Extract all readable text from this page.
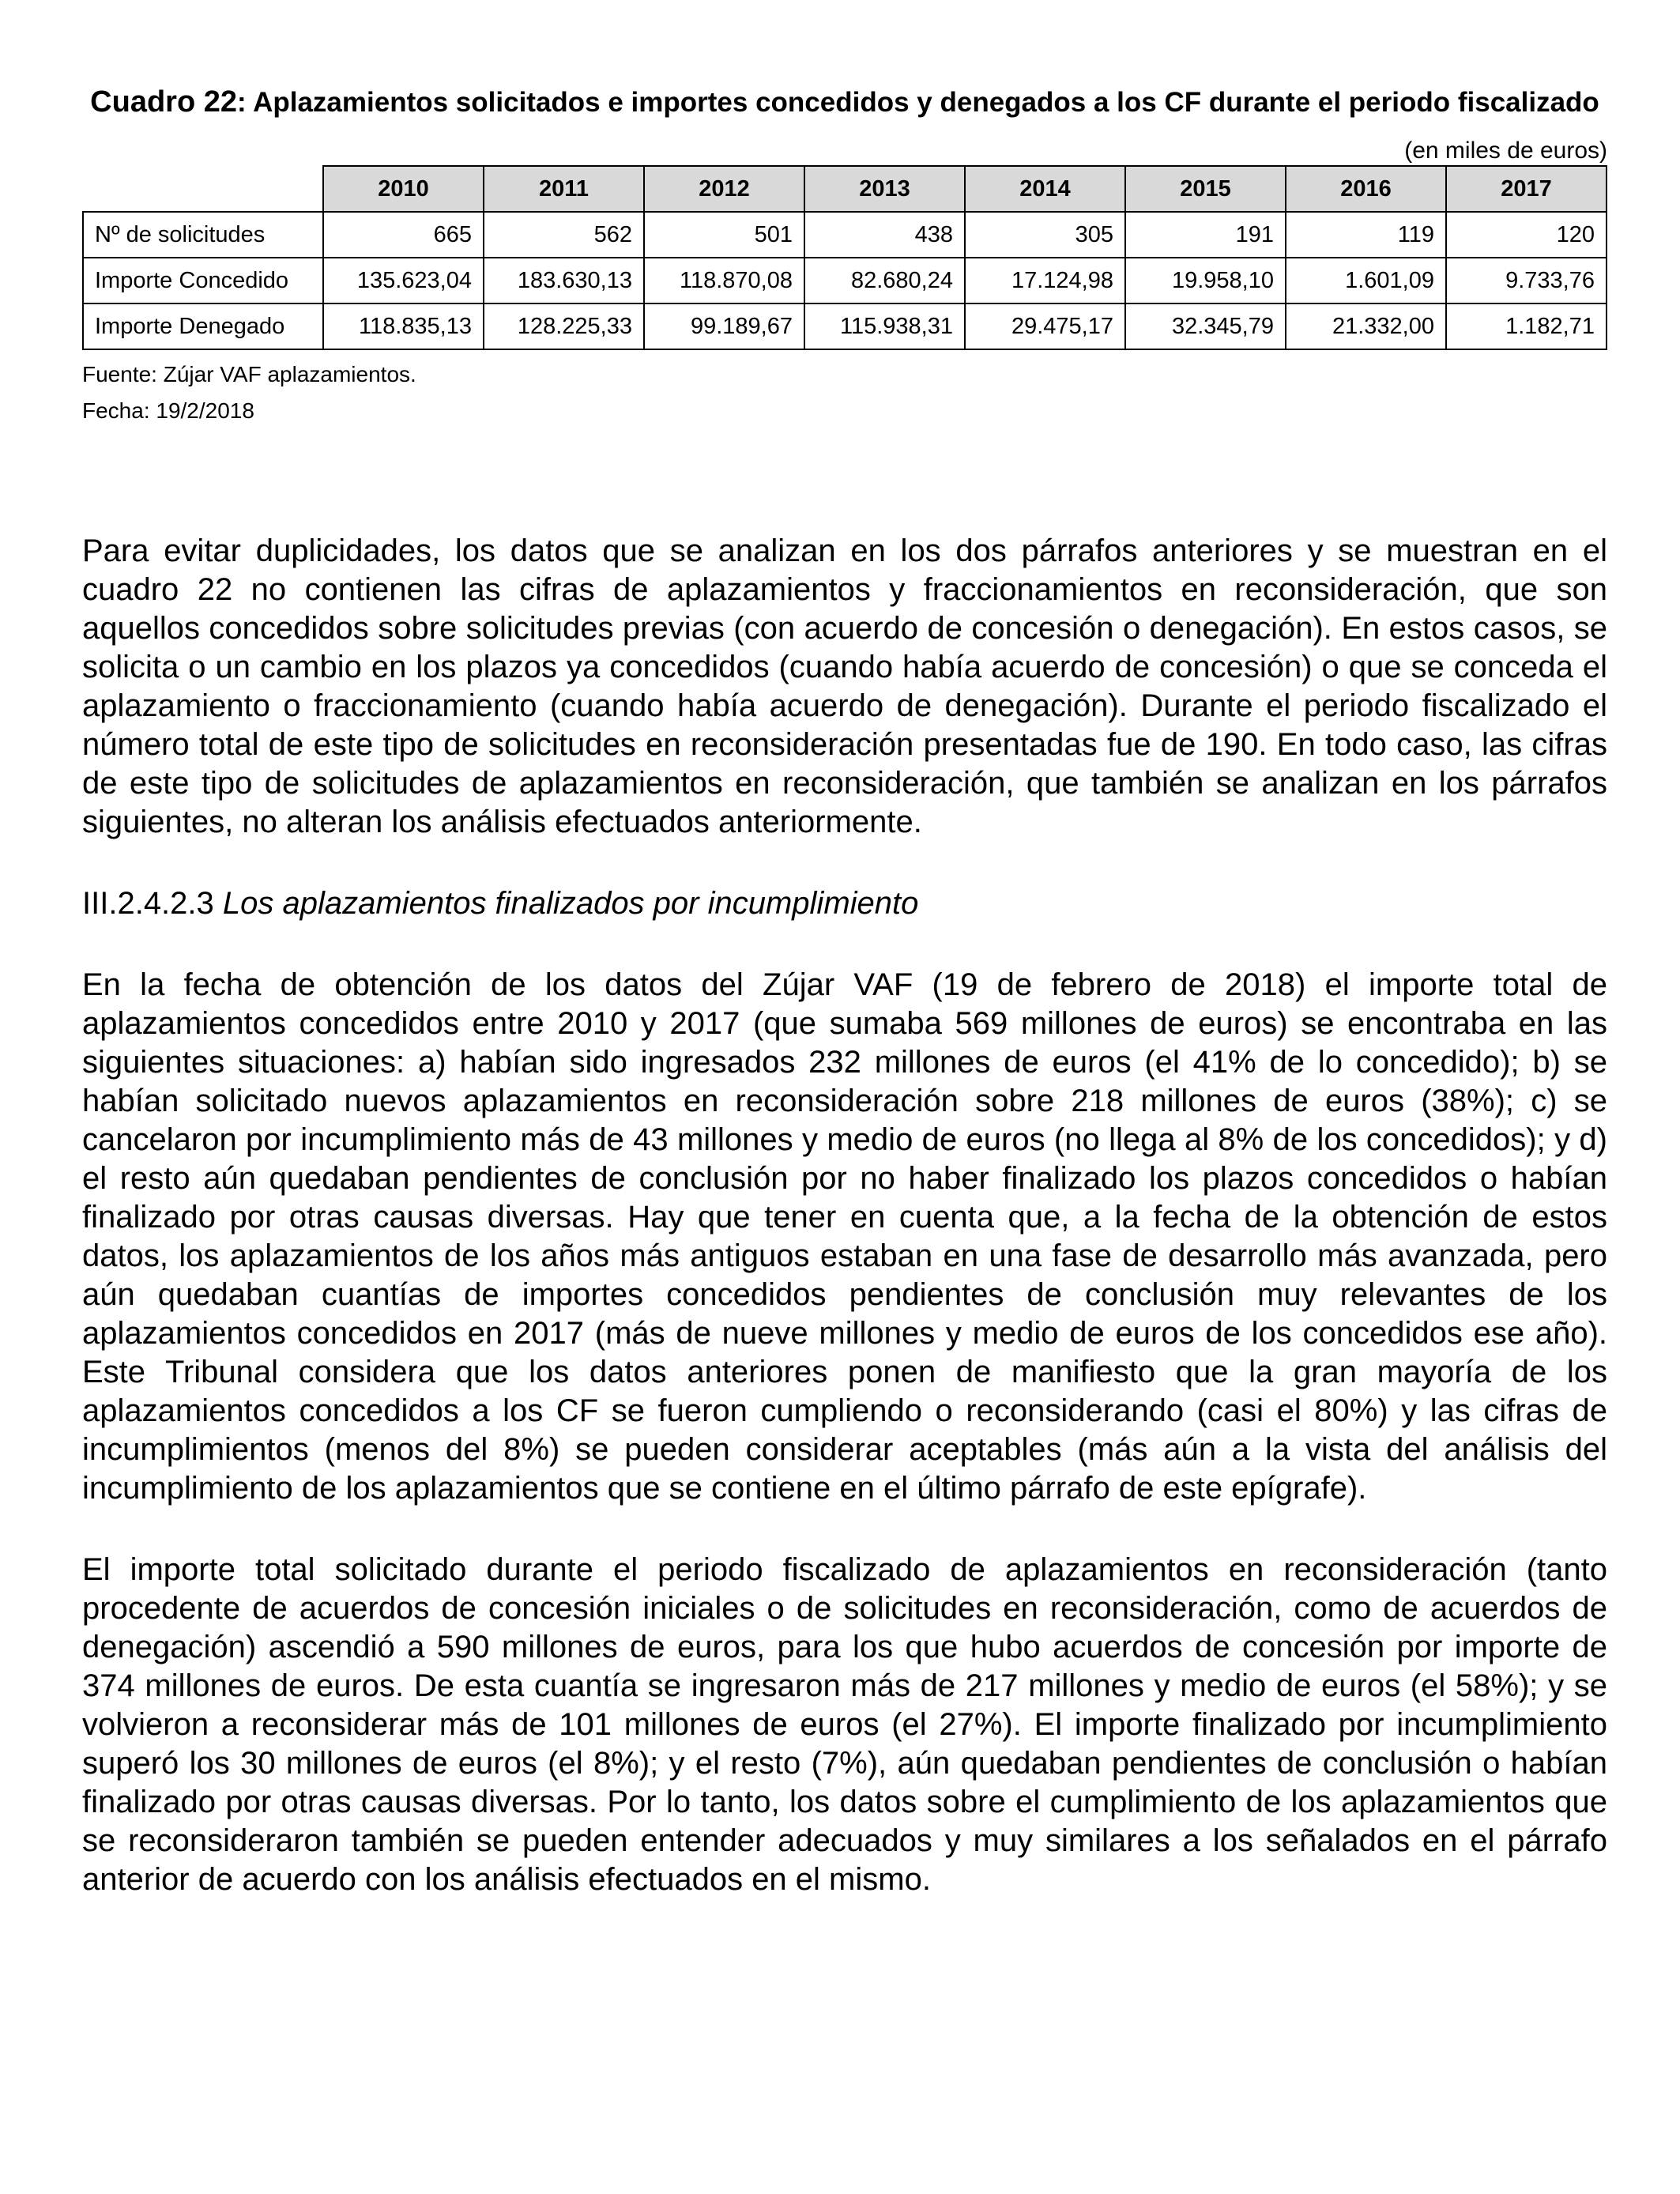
Cuadro 22: Aplazamientos solicitados e importes concedidos y denegados a los CF durante el periodo fiscalizado
(en miles de euros)
	2010	2011	2012	2013	2014	2015	2016	2017
Nº de solicitudes	665	562	501	438	305	191	119	120
Importe Concedido	135.623,04	183.630,13	118.870,08	82.680,24	17.124,98	19.958,10	1.601,09	9.733,76
Importe Denegado	118.835,13	128.225,33	99.189,67	115.938,31	29.475,17	32.345,79	21.332,00	1.182,71
Fuente: Zújar VAF aplazamientos.
Fecha: 19/2/2018

Para evitar duplicidades, los datos que se analizan en los dos párrafos anteriores y se muestran en el cuadro 22 no contienen las cifras de aplazamientos y fraccionamientos en reconsideración, que son aquellos concedidos sobre solicitudes previas (con acuerdo de concesión o denegación). En estos casos, se solicita o un cambio en los plazos ya concedidos (cuando había acuerdo de concesión) o que se conceda el aplazamiento o fraccionamiento (cuando había acuerdo de denegación). Durante el periodo fiscalizado el número total de este tipo de solicitudes en reconsideración presentadas fue de 190. En todo caso, las cifras de este tipo de solicitudes de aplazamientos en reconsideración, que también se analizan en los párrafos siguientes, no alteran los análisis efectuados anteriormente.

III.2.4.2.3 Los aplazamientos finalizados por incumplimiento

En la fecha de obtención de los datos del Zújar VAF (19 de febrero de 2018) el importe total de aplazamientos concedidos entre 2010 y 2017 (que sumaba 569 millones de euros) se encontraba en las siguientes situaciones: a) habían sido ingresados 232 millones de euros (el 41% de lo concedido); b) se habían solicitado nuevos aplazamientos en reconsideración sobre 218 millones de euros (38%); c) se cancelaron por incumplimiento más de 43 millones y medio de euros (no llega al 8% de los concedidos); y d) el resto aún quedaban pendientes de conclusión por no haber finalizado los plazos concedidos o habían finalizado por otras causas diversas. Hay que tener en cuenta que, a la fecha de la obtención de estos datos, los aplazamientos de los años más antiguos estaban en una fase de desarrollo más avanzada, pero aún quedaban cuantías de importes concedidos pendientes de conclusión muy relevantes de los aplazamientos concedidos en 2017 (más de nueve millones y medio de euros de los concedidos ese año). Este Tribunal considera que los datos anteriores ponen de manifiesto que la gran mayoría de los aplazamientos concedidos a los CF se fueron cumpliendo o reconsiderando (casi el 80%) y las cifras de incumplimientos (menos del 8%) se pueden considerar aceptables (más aún a la vista del análisis del incumplimiento de los aplazamientos que se contiene en el último párrafo de este epígrafe).

El importe total solicitado durante el periodo fiscalizado de aplazamientos en reconsideración (tanto procedente de acuerdos de concesión iniciales o de solicitudes en reconsideración, como de acuerdos de denegación) ascendió a 590 millones de euros, para los que hubo acuerdos de concesión por importe de 374 millones de euros. De esta cuantía se ingresaron más de 217 millones y medio de euros (el 58%); y se volvieron a reconsiderar más de 101 millones de euros (el 27%). El importe finalizado por incumplimiento superó los 30 millones de euros (el 8%); y el resto (7%), aún quedaban pendientes de conclusión o habían finalizado por otras causas diversas. Por lo tanto, los datos sobre el cumplimiento de los aplazamientos que se reconsideraron también se pueden entender adecuados y muy similares a los señalados en el párrafo anterior de acuerdo con los análisis efectuados en el mismo.
